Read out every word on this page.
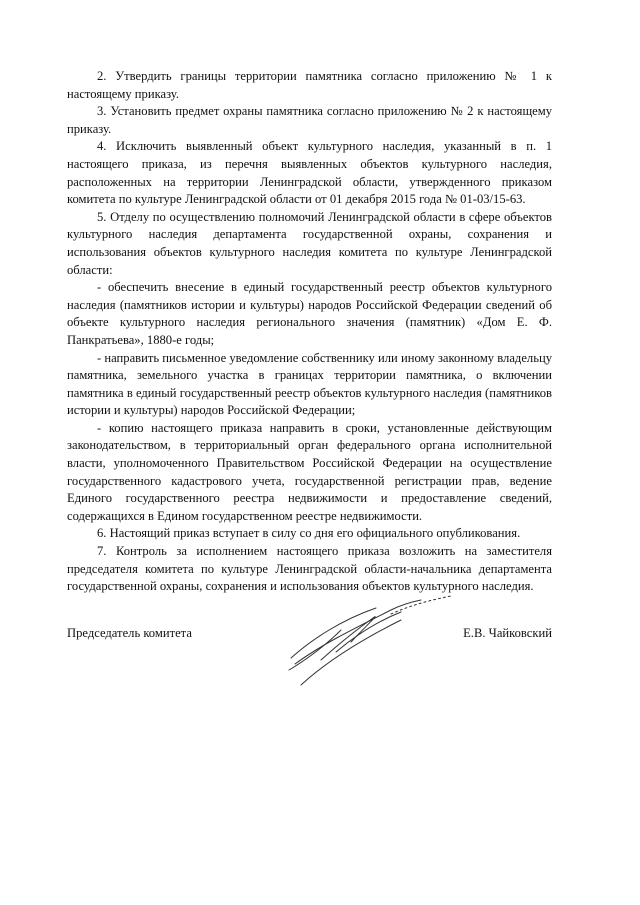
2. Утвердить границы территории памятника согласно приложению № 1 к настоящему приказу.

3. Установить предмет охраны памятника согласно приложению № 2 к настоящему приказу.

4. Исключить выявленный объект культурного наследия, указанный в п. 1 настоящего приказа, из перечня выявленных объектов культурного наследия, расположенных на территории Ленинградской области, утвержденного приказом комитета по культуре Ленинградской области от 01 декабря 2015 года № 01-03/15-63.

5. Отделу по осуществлению полномочий Ленинградской области в сфере объектов культурного наследия департамента государственной охраны, сохранения и использования объектов культурного наследия комитета по культуре Ленинградской области:

- обеспечить внесение в единый государственный реестр объектов культурного наследия (памятников истории и культуры) народов Российской Федерации сведений об объекте культурного наследия регионального значения (памятник) «Дом Е. Ф. Панкратьева», 1880-е годы;

- направить письменное уведомление собственнику или иному законному владельцу памятника, земельного участка в границах территории памятника, о включении памятника в единый государственный реестр объектов культурного наследия (памятников истории и культуры) народов Российской Федерации;

- копию настоящего приказа направить в сроки, установленные действующим законодательством, в территориальный орган федерального органа исполнительной власти, уполномоченного Правительством Российской Федерации на осуществление государственного кадастрового учета, государственной регистрации прав, ведение Единого государственного реестра недвижимости и предоставление сведений, содержащихся в Едином государственном реестре недвижимости.

6. Настоящий приказ вступает в силу со дня его официального опубликования.

7. Контроль за исполнением настоящего приказа возложить на заместителя председателя комитета по культуре Ленинградской области-начальника департамента государственной охраны, сохранения и использования объектов культурного наследия.

Председатель комитета	Е.В. Чайковский
